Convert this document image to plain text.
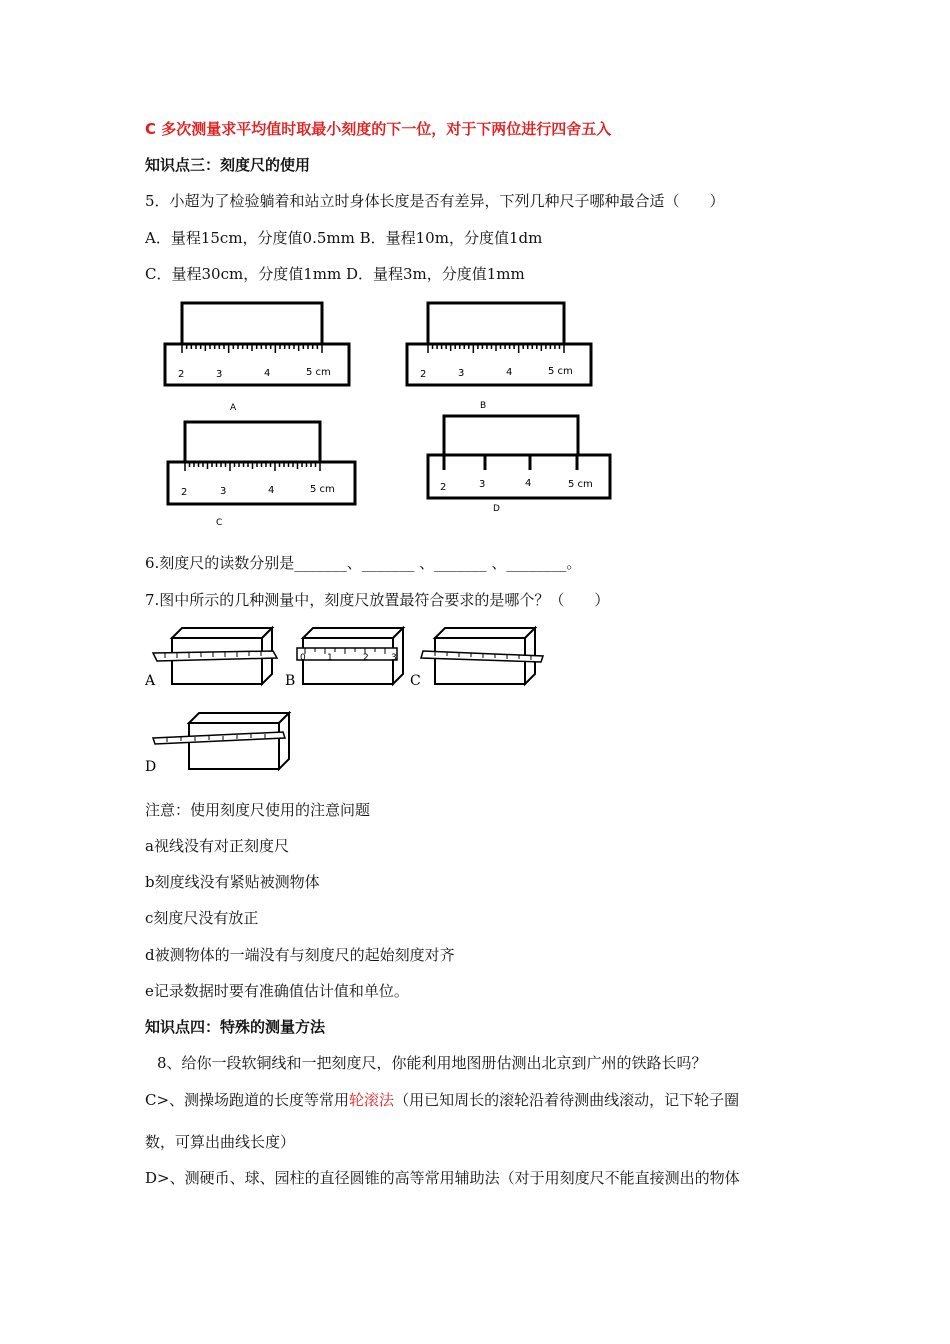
C 多次测量求平均值时取最小刻度的下一位，对于下两位进行四舍五入
知识点三：刻度尺的使用
5．小超为了检验躺着和站立时身体长度是否有差异，下列几种尺子哪种最合适（　　）
A．量程15cm，分度值0.5mm B．量程10m，分度值1dm
C．量程30cm，分度值1mm D．量程3m，分度值1mm
2	3	4	5 cm	2	3	4	5 cm
2	3	4	5 cm	2	3	4	5 cm
A	B
C
D
6.刻度尺的读数分别是_______、_______ 、_______ 、________。
7.图中所示的几种测量中，刻度尺放置最符合要求的是哪个？（　　）
0 1	2 3
A	B	C
D
注意：使用刻度尺使用的注意问题
a视线没有对正刻度尺
b刻度线没有紧贴被测物体
c刻度尺没有放正
d被测物体的一端没有与刻度尺的起始刻度对齐
e记录数据时要有准确值估计值和单位。
知识点四：特殊的测量方法
8、给你一段软铜线和一把刻度尺，你能利用地图册估测出北京到广州的铁路长吗？
C>、测操场跑道的长度等常用轮滚法（用已知周长的滚轮沿着待测曲线滚动，记下轮子圈
数，可算出曲线长度）
D>、测硬币、球、园柱的直径圆锥的高等常用辅助法（对于用刻度尺不能直接测出的物体
